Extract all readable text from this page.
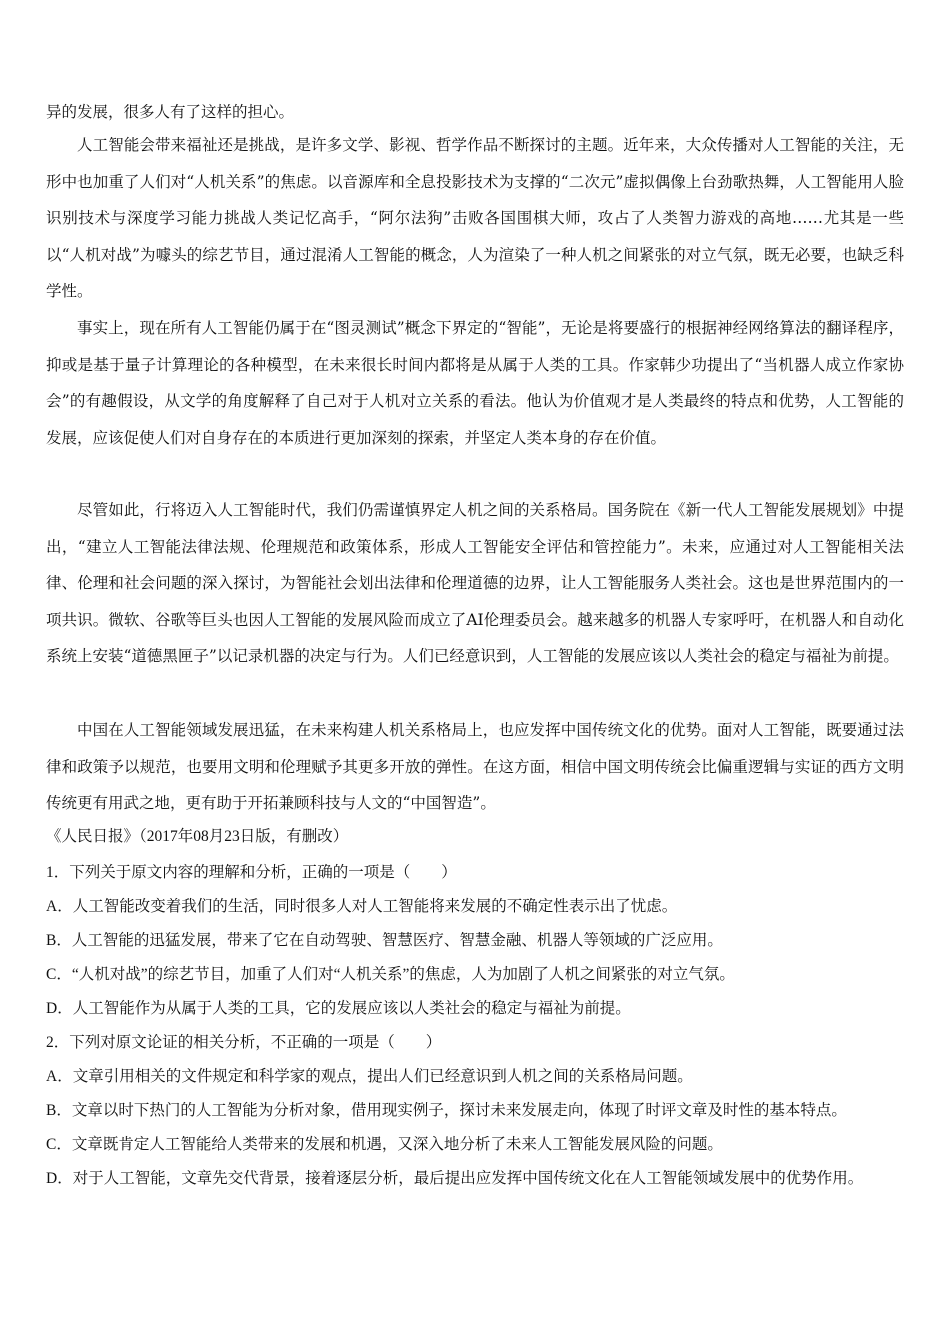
异的发展，很多人有了这样的担心。

人工智能会带来福祉还是挑战，是许多文学、影视、哲学作品不断探讨的主题。近年来，大众传播对人工智能的关注，无形中也加重了人们对“人机关系”的焦虑。以音源库和全息投影技术为支撑的“二次元”虚拟偶像上台劲歌热舞，人工智能用人脸识别技术与深度学习能力挑战人类记忆高手，“阿尔法狗”击败各国围棋大师，攻占了人类智力游戏的高地……尤其是一些以“人机对战”为噱头的综艺节目，通过混淆人工智能的概念，人为渲染了一种人机之间紧张的对立气氛，既无必要，也缺乏科学性。

事实上，现在所有人工智能仍属于在“图灵测试”概念下界定的“智能”，无论是将要盛行的根据神经网络算法的翻译程序，抑或是基于量子计算理论的各种模型，在未来很长时间内都将是从属于人类的工具。作家韩少功提出了“当机器人成立作家协会”的有趣假设，从文学的角度解释了自己对于人机对立关系的看法。他认为价值观才是人类最终的特点和优势，人工智能的发展，应该促使人们对自身存在的本质进行更加深刻的探索，并坚定人类本身的存在价值。

尽管如此，行将迈入人工智能时代，我们仍需谨慎界定人机之间的关系格局。国务院在《新一代人工智能发展规划》中提出，“建立人工智能法律法规、伦理规范和政策体系，形成人工智能安全评估和管控能力”。未来，应通过对人工智能相关法律、伦理和社会问题的深入探讨，为智能社会划出法律和伦理道德的边界，让人工智能服务人类社会。这也是世界范围内的一项共识。微软、谷歌等巨头也因人工智能的发展风险而成立了AI伦理委员会。越来越多的机器人专家呼吁，在机器人和自动化系统上安装“道德黑匣子”以记录机器的决定与行为。人们已经意识到，人工智能的发展应该以人类社会的稳定与福祉为前提。

中国在人工智能领域发展迅猛，在未来构建人机关系格局上，也应发挥中国传统文化的优势。面对人工智能，既要通过法律和政策予以规范，也要用文明和伦理赋予其更多开放的弹性。在这方面，相信中国文明传统会比偏重逻辑与实证的西方文明传统更有用武之地，更有助于开拓兼顾科技与人文的“中国智造”。

《人民日报》（2017年08月23日版，有删改）

1．下列关于原文内容的理解和分析，正确的一项是（　　）

A．人工智能改变着我们的生活，同时很多人对人工智能将来发展的不确定性表示出了忧虑。

B．人工智能的迅猛发展，带来了它在自动驾驶、智慧医疗、智慧金融、机器人等领域的广泛应用。

C．“人机对战”的综艺节目，加重了人们对“人机关系”的焦虑，人为加剧了人机之间紧张的对立气氛。

D．人工智能作为从属于人类的工具，它的发展应该以人类社会的稳定与福祉为前提。

2．下列对原文论证的相关分析，不正确的一项是（　　）

A．文章引用相关的文件规定和科学家的观点，提出人们已经意识到人机之间的关系格局问题。

B．文章以时下热门的人工智能为分析对象，借用现实例子，探讨未来发展走向，体现了时评文章及时性的基本特点。

C．文章既肯定人工智能给人类带来的发展和机遇，又深入地分析了未来人工智能发展风险的问题。

D．对于人工智能，文章先交代背景，接着逐层分析，最后提出应发挥中国传统文化在人工智能领域发展中的优势作用。
